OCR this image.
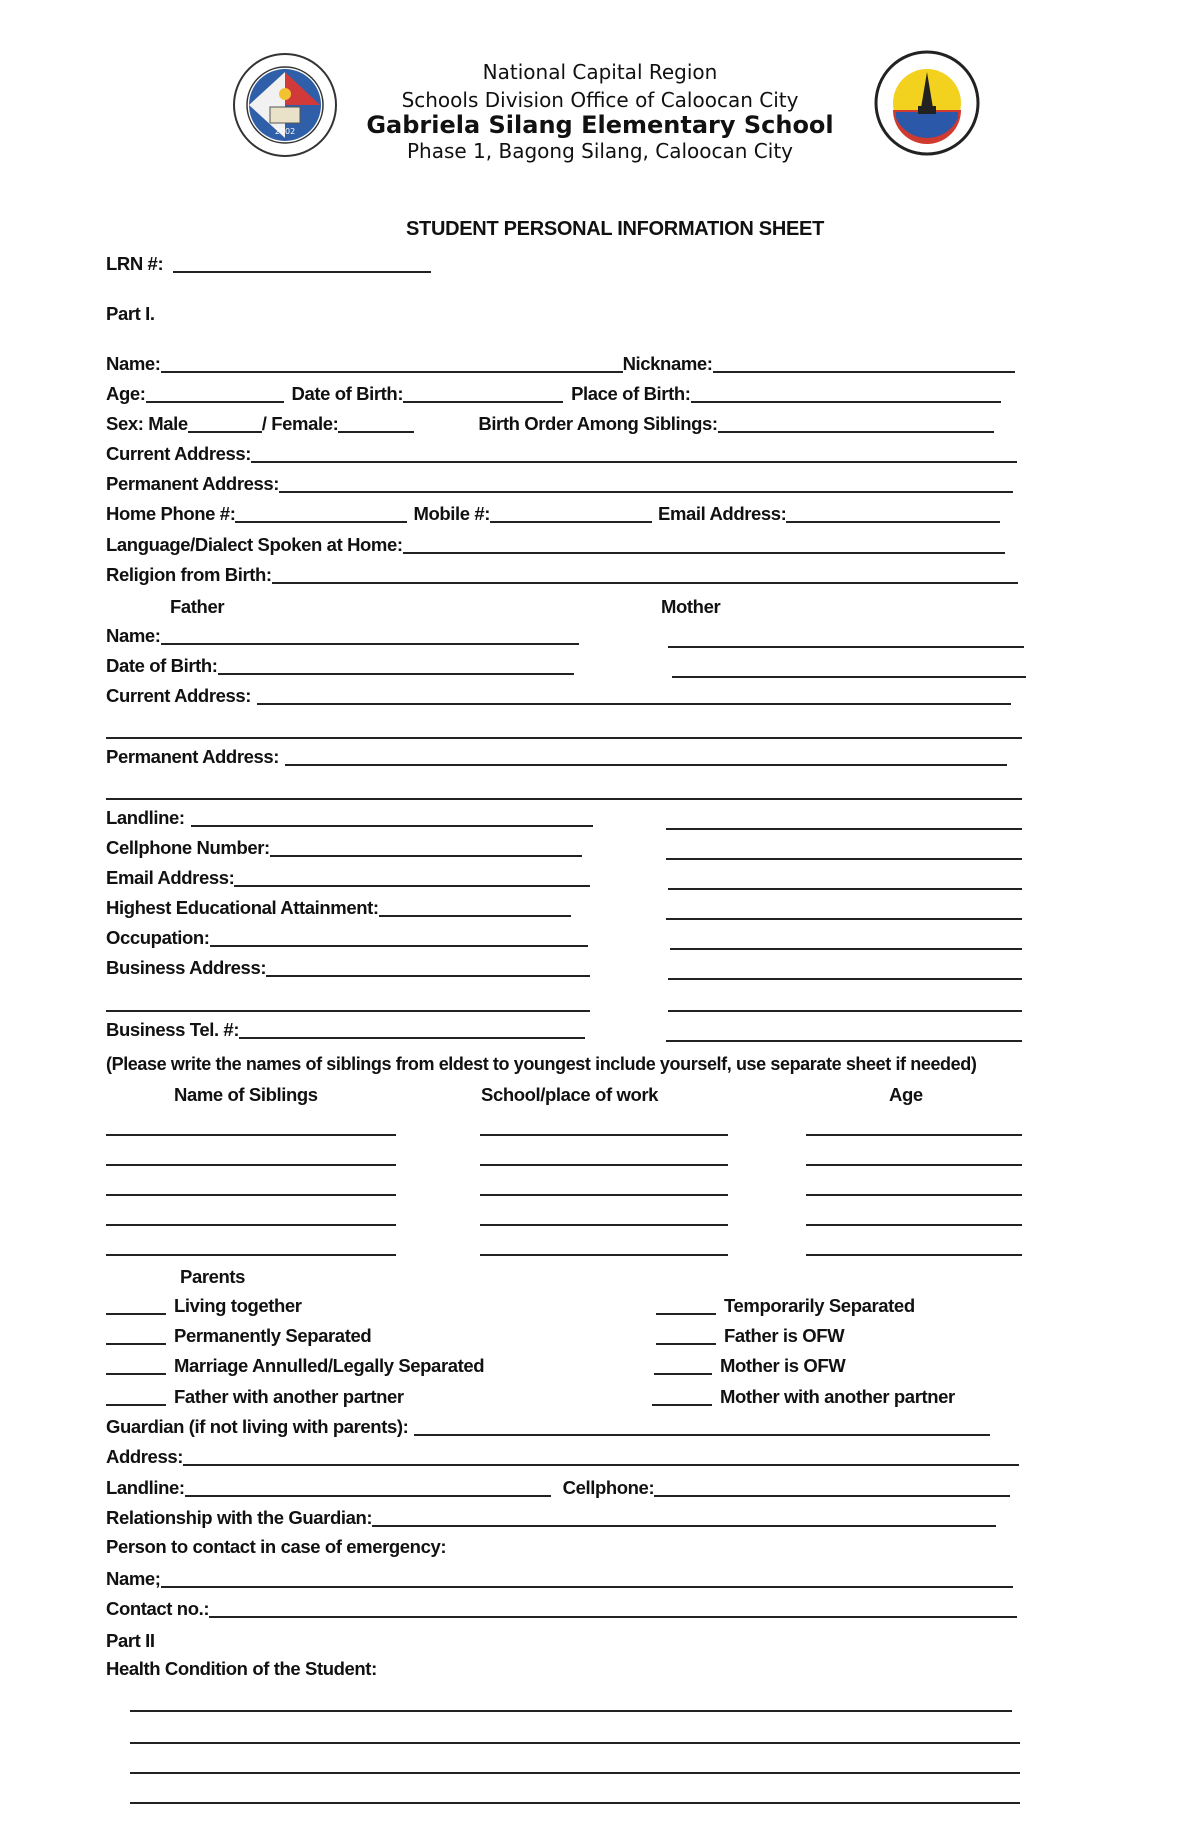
2002
National Capital Region
Schools Division Office of Caloocan City
Gabriela Silang Elementary School
Phase 1, Bagong Silang, Caloocan City
STUDENT PERSONAL INFORMATION SHEET
LRN #:
Part I.
Name:	Nickname:
Age:	Date of Birth:	Place of Birth:
Sex: Male	/ Female:	Birth Order Among Siblings:
Current Address:
Permanent Address:
Home Phone #:	Mobile #:	Email Address:
Language/Dialect Spoken at Home:
Religion from Birth:
Father	Mother
Name:
Date of Birth:
Current Address:
Permanent Address:
Landline:
Cellphone Number:
Email Address:
Highest Educational Attainment:
Occupation:
Business Address:
Business Tel. #:
(Please write the names of siblings from eldest to youngest include yourself, use separate sheet if needed)
Name of Siblings	School/place of work	Age
Parents
Living together	Temporarily Separated
Permanently Separated	Father is OFW
Marriage Annulled/Legally Separated	Mother is OFW
Father with another partner	Mother with another partner
Guardian (if not living with parents):
Address:
Landline:	Cellphone:
Relationship with the Guardian:
Person to contact in case of emergency:
Name;
Contact no.:
Part II
Health Condition of the Student:
